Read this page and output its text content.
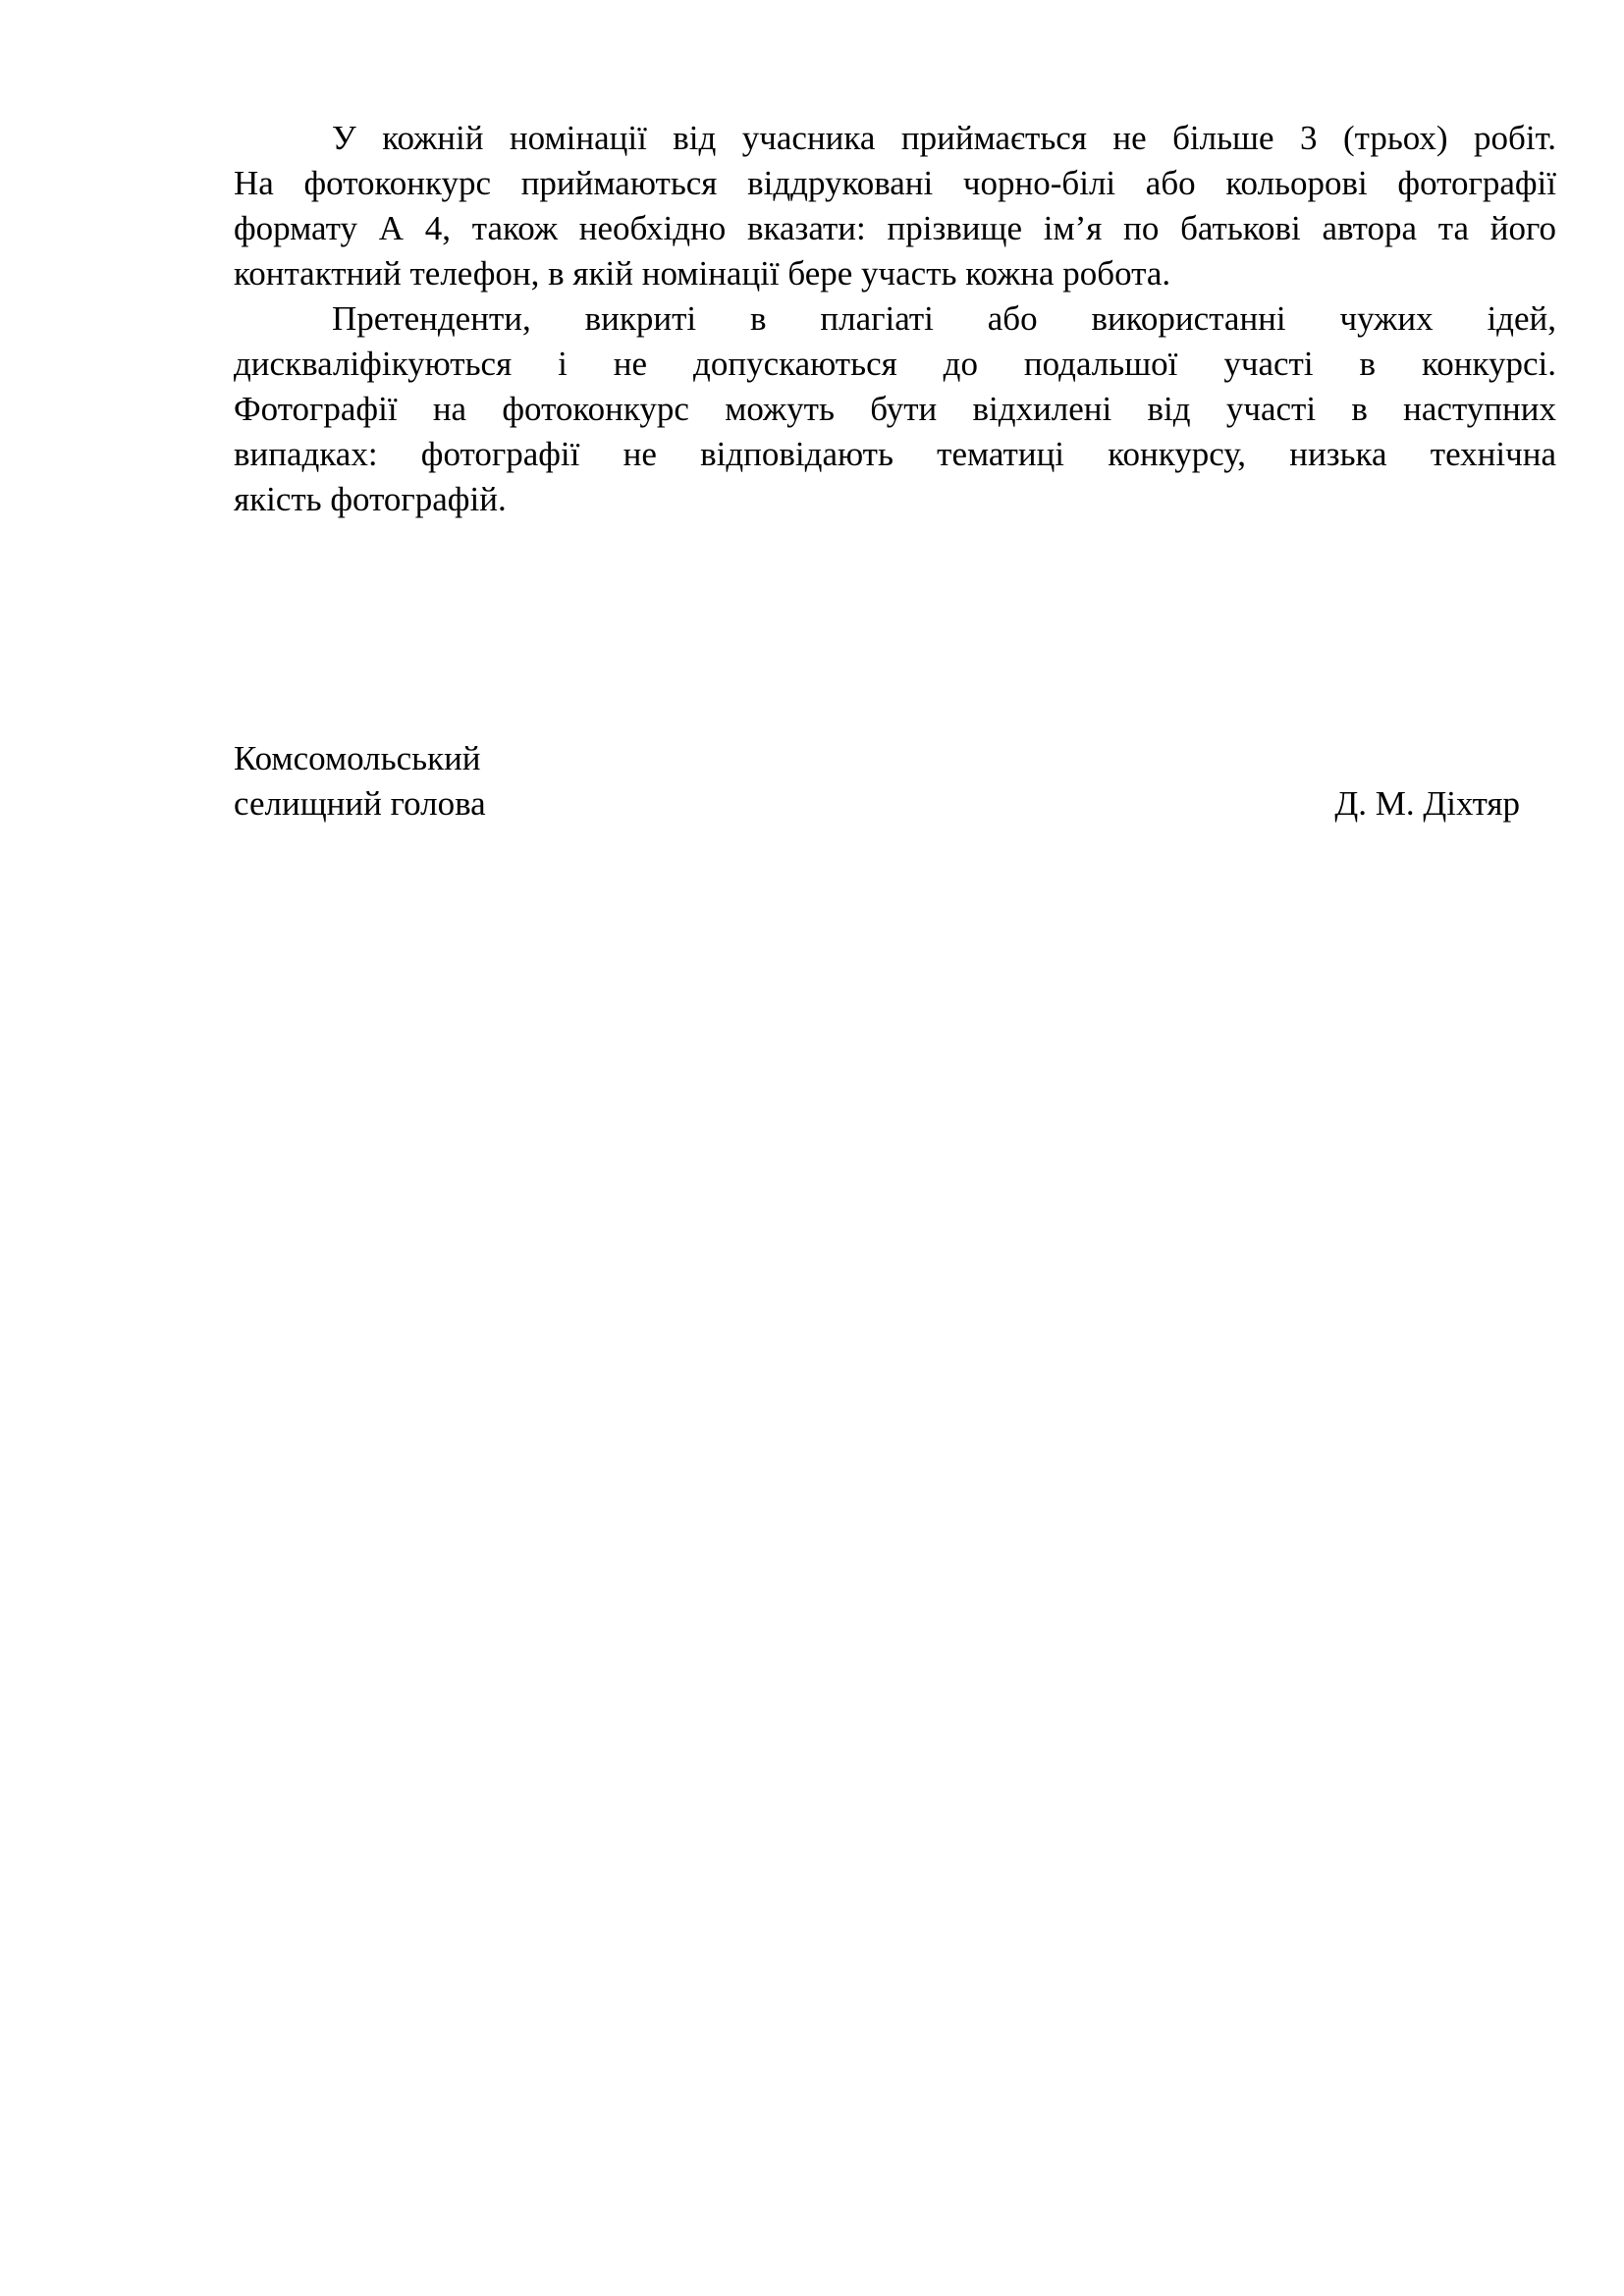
У кожній номінації від учасника приймається не більше 3 (трьох) робіт.
На фотоконкурс приймаються віддруковані чорно-білі або кольорові фотографії
формату А 4, також необхідно вказати: прізвище ім’я по батькові автора та його
контактний телефон, в якій номінації бере участь кожна робота.

Претенденти, викриті в плагіаті або використанні чужих ідей,
дискваліфікуються і не допускаються до подальшої участі в конкурсі.
Фотографії на фотоконкурс можуть бути відхилені від участі в наступних
випадках: фотографії не відповідають тематиці конкурсу, низька технічна
якість фотографій.

Комсомольський
селищний голова	Д. М. Діхтяр
